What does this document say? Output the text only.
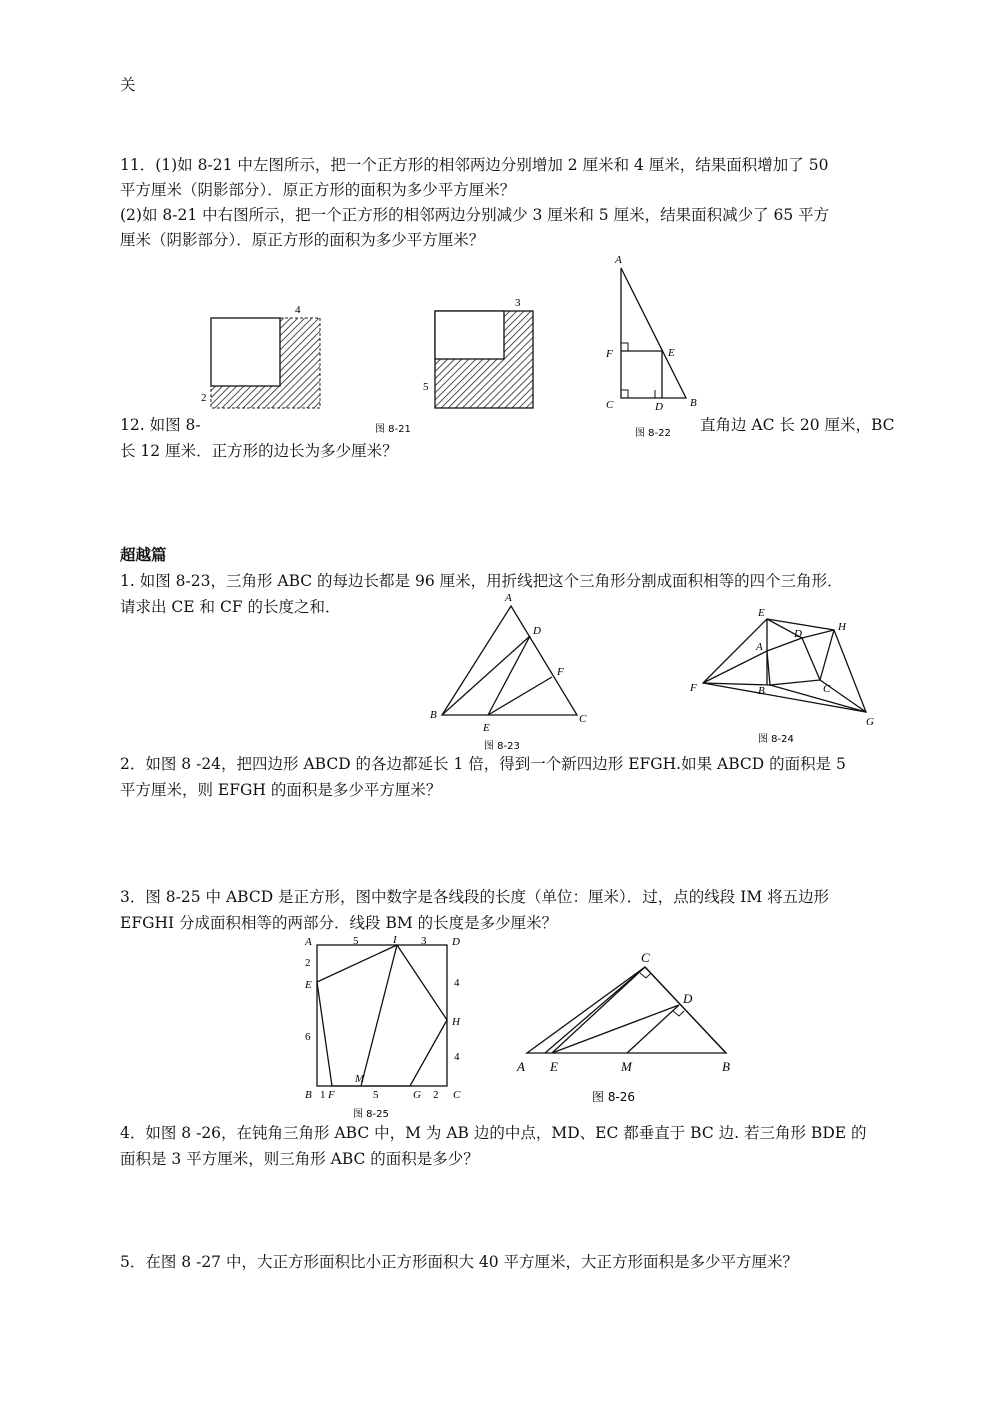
关
11．(1)如 8-21 中左图所示，把一个正方形的相邻两边分别增加 2 厘米和 4 厘米，结果面积增加了 50
平方厘米（阴影部分）．原正方形的面积为多少平方厘米？
(2)如 8-21 中右图所示，把一个正方形的相邻两边分别减少 3 厘米和 5 厘米，结果面积减少了 65 平方
厘米（阴影部分）．原正方形的面积为多少平方厘米？
12. 如图 8-	直角边 AC 长 20 厘米，BC
长 12 厘米．正方形的边长为多少厘米？
超越篇
1. 如图 8-23，三角形 ABC 的每边长都是 96 厘米，用折线把这个三角形分割成面积相等的四个三角形．
请求出 CE 和 CF 的长度之和．
2．如图 8 -24，把四边形 ABCD 的各边都延长 1 倍，得到一个新四边形 EFGH.如果 ABCD 的面积是 5
平方厘米，则 EFGH 的面积是多少平方厘米？
3．图 8-25 中 ABCD 是正方形，图中数字是各线段的长度（单位：厘米）．过，点的线段 IM 将五边形
EFGHI 分成面积相等的两部分．线段 BM 的长度是多少厘米？
4．如图 8 -26，在钝角三角形 ABC 中，M 为 AB 边的中点，MD、EC 都垂直于 BC 边. 若三角形 BDE 的
面积是 3 平方厘米，则三角形 ABC 的面积是多少？
5．在图 8 -27 中，大正方形面积比小正方形面积大 40 平方厘米，大正方形面积是多少平方厘米？
4
2
3
5
图 8-21
A
F	E
C	D B
图 8-22
A
D
F
B
E
C
图 8-23
E
D
H
A
F	B	C
G
图 8-24
A	5	I 3 D
2
E	4
6
H
4
M
B 1 F	5	G 2 C
图 8-25
C
D
A E	M	B
图 8-26
